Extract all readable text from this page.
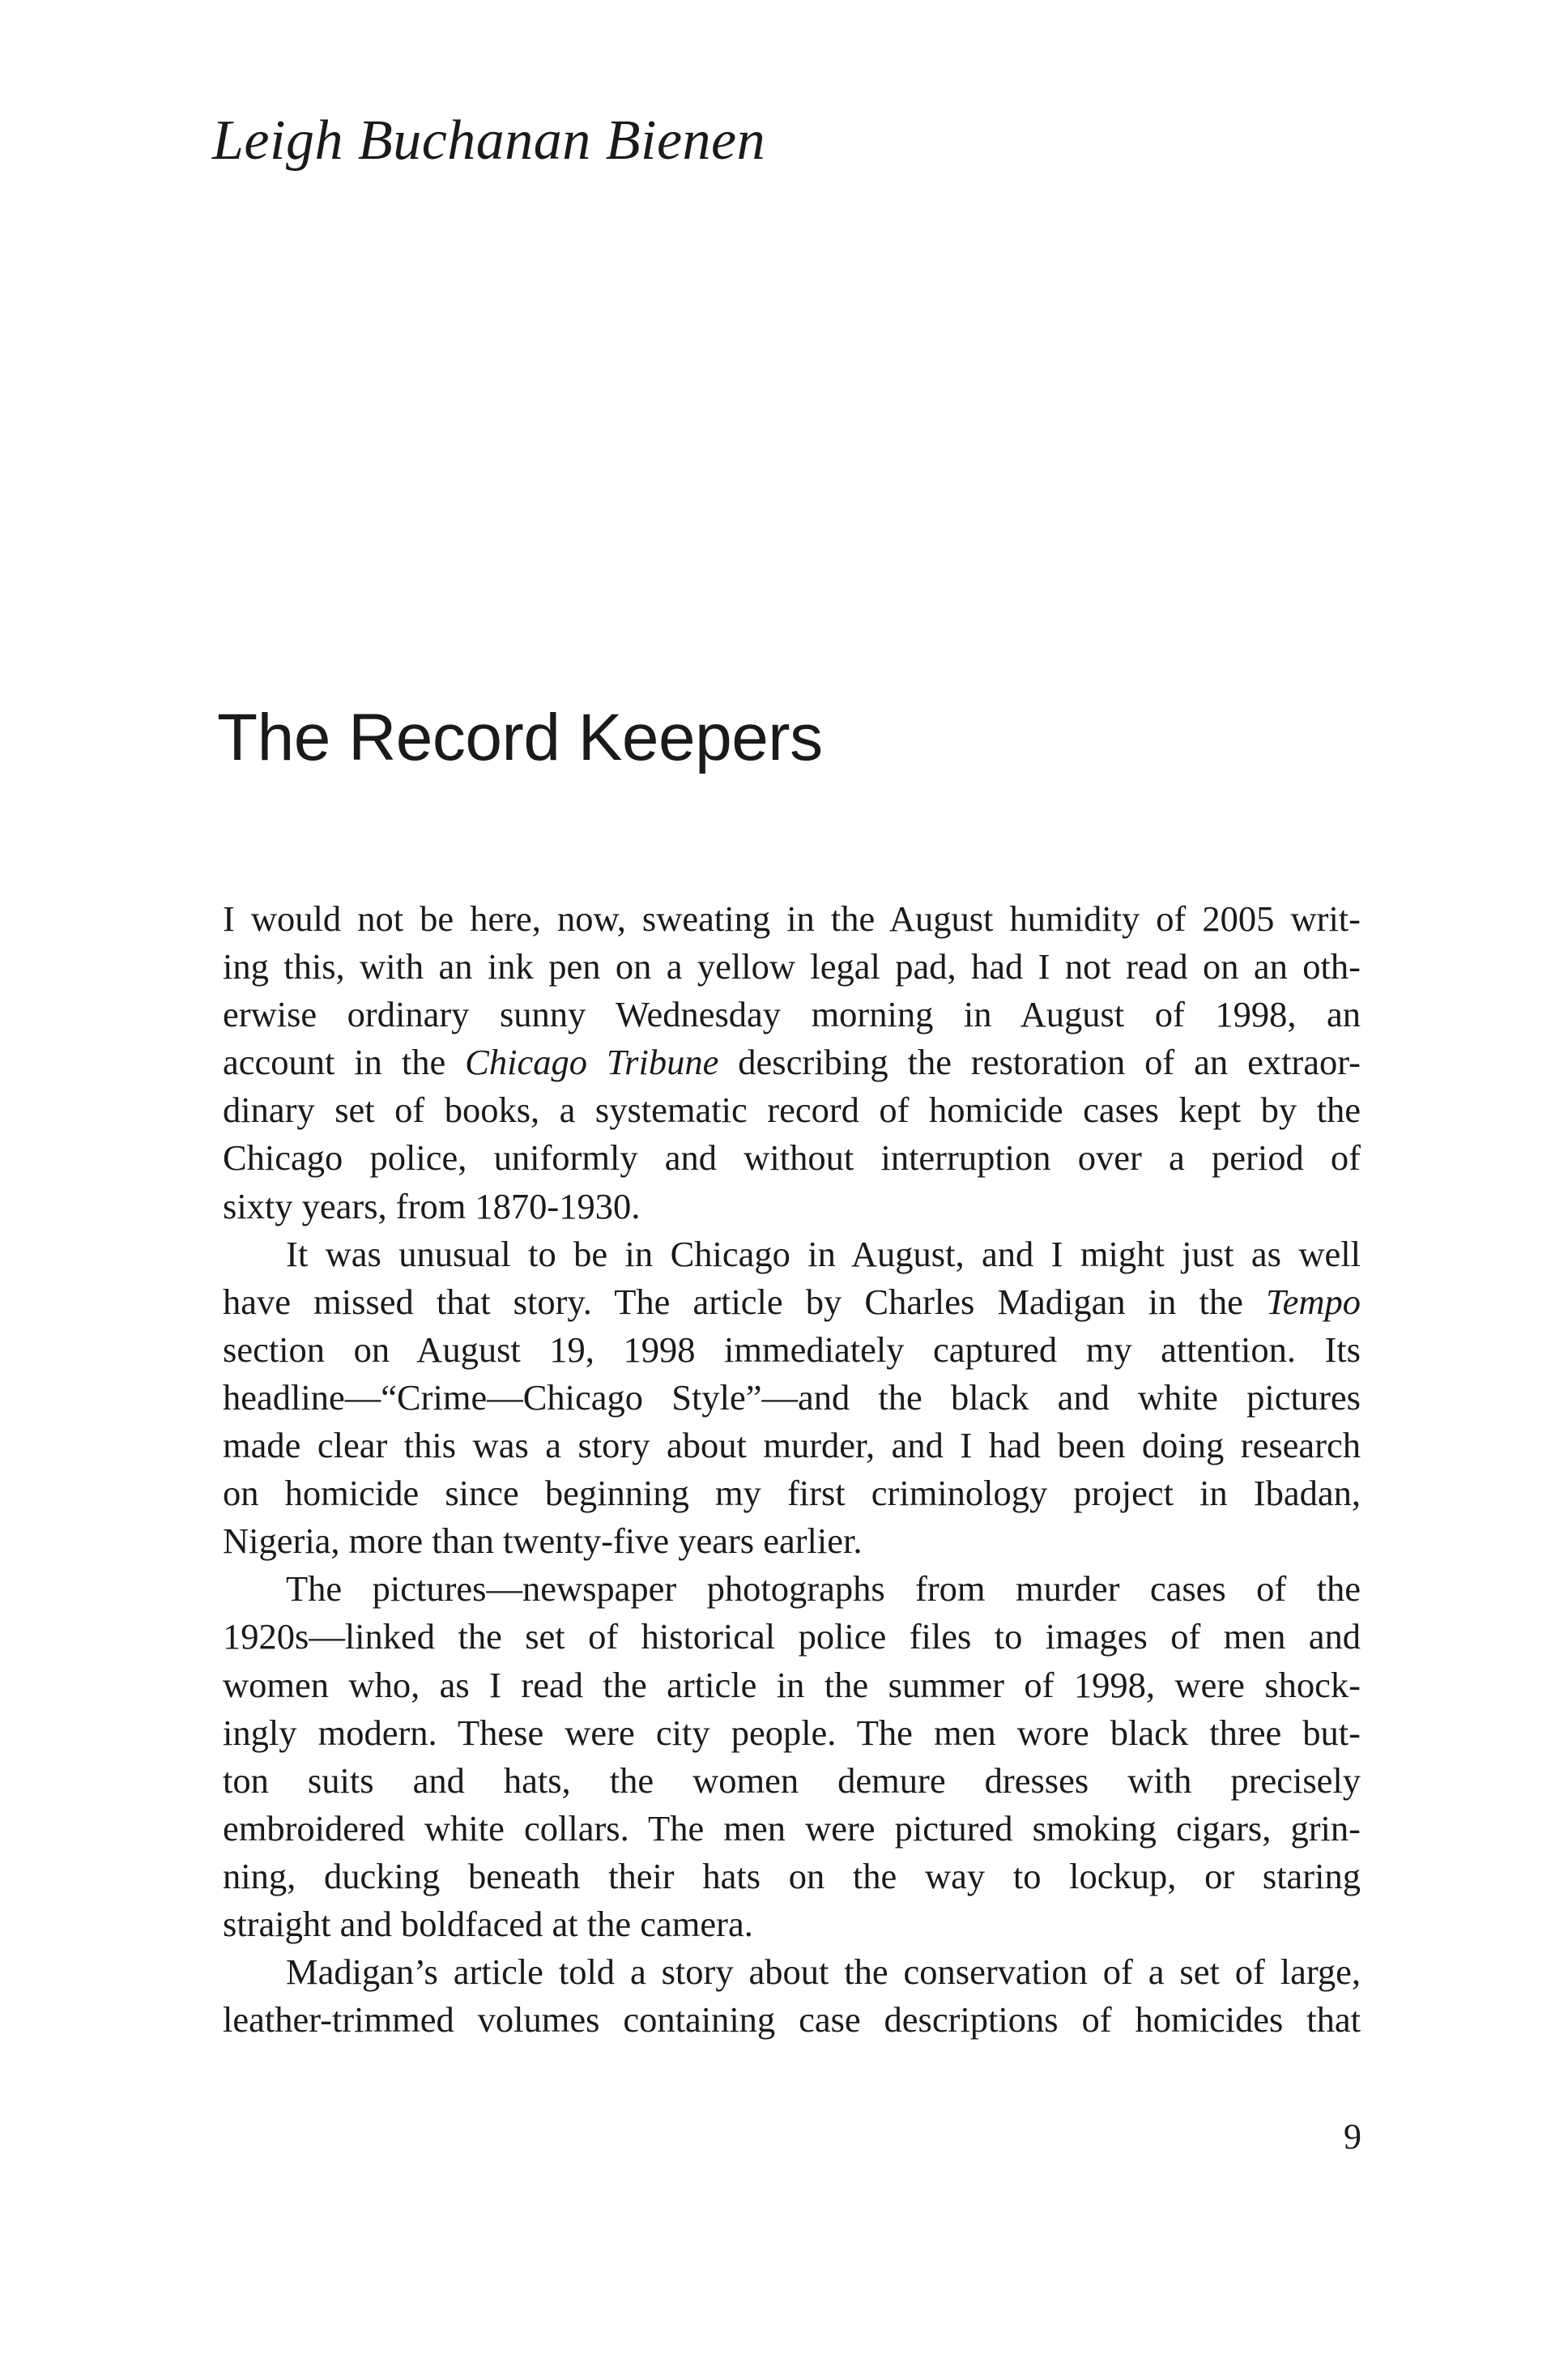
Leigh Buchanan Bienen
The Record Keepers

I would not be here, now, sweating in the August humidity of 2005 writ-
ing this, with an ink pen on a yellow legal pad, had I not read on an oth-
erwise ordinary sunny Wednesday morning in August of 1998, an
account in the Chicago Tribune describing the restoration of an extraor-
dinary set of books, a systematic record of homicide cases kept by the
Chicago police, uniformly and without interruption over a period of
sixty years, from 1870-1930.

It was unusual to be in Chicago in August, and I might just as well
have missed that story. The article by Charles Madigan in the Tempo
section on August 19, 1998 immediately captured my attention. Its
headline—“Crime—Chicago Style”—and the black and white pictures
made clear this was a story about murder, and I had been doing research
on homicide since beginning my first criminology project in Ibadan,
Nigeria, more than twenty-five years earlier.

The pictures—newspaper photographs from murder cases of the
1920s—linked the set of historical police files to images of men and
women who, as I read the article in the summer of 1998, were shock-
ingly modern. These were city people. The men wore black three but-
ton suits and hats, the women demure dresses with precisely
embroidered white collars. The men were pictured smoking cigars, grin-
ning, ducking beneath their hats on the way to lockup, or staring
straight and boldfaced at the camera.

Madigan’s article told a story about the conservation of a set of large,
leather-trimmed volumes containing case descriptions of homicides that

9
